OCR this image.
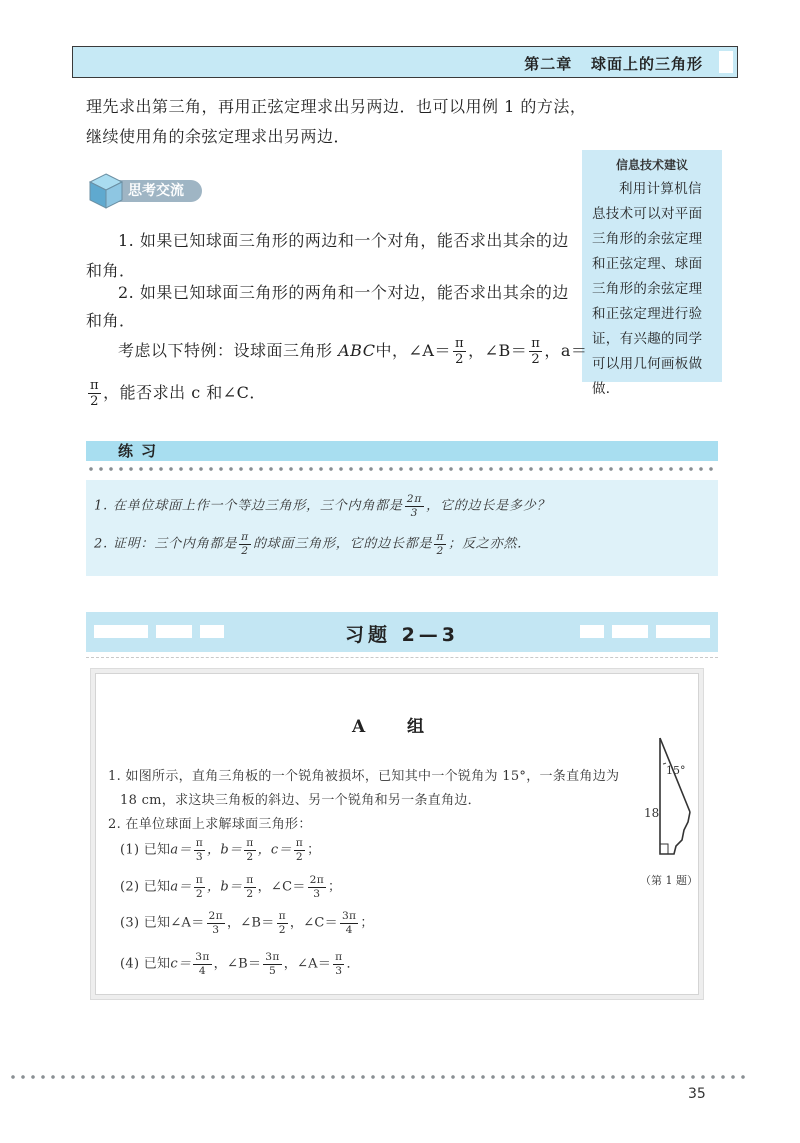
第二章 球面上的三角形
理先求出第三角，再用正弦定理求出另两边．也可以用例 1 的方法，
继续使用角的余弦定理求出另两边．
信息技术建议
利用计算机信息技术可以对平面三角形的余弦定理和正弦定理、球面三角形的余弦定理和正弦定理进行验证，有兴趣的同学可以用几何画板做做．
思考交流
1. 如果已知球面三角形的两边和一个对角，能否求出其余的边
和角．
2. 如果已知球面三角形的两角和一个对边，能否求出其余的边
和角．
考虑以下特例：设球面三角形 ABC中，∠A＝ $\frac{\pi}{2}$ ，∠B＝ $\frac{\pi}{2}$ ，a＝
$\frac{\pi}{2}$ ，能否求出 c 和∠C．
练习
1. 在单位球面上作一个等边三角形，三个内角都是 $\frac{2\pi}{3}$ ，它的边长是多少？
2. 证明：三个内角都是 $\frac{\pi}{2}$ 的球面三角形，它的边长都是 $\frac{\pi}{2}$ ；反之亦然．
习题 2—3
A 组
1. 如图所示，直角三角板的一个锐角被损坏，已知其中一个锐角为 15°，一条直角边为
18 cm，求这块三角板的斜边、另一个锐角和另一条直角边．
2. 在单位球面上求解球面三角形：
(1) 已知$a= \frac{\pi}{3}$ ，$b= \frac{\pi}{2}$ ，$c= \frac{\pi}{2}$ ；
(2) 已知$a= \frac{\pi}{2}$ ，$b= \frac{\pi}{2}$ ，∠C＝ $\frac{2\pi}{3}$ ；
(3) 已知∠A＝ $\frac{2\pi}{3}$ ，∠B＝ $\frac{\pi}{2}$ ，∠C＝ $\frac{3\pi}{4}$ ；
(4) 已知$c= \frac{3\pi}{4}$ ，∠B＝ $\frac{3\pi}{5}$ ，∠A＝ $\frac{\pi}{3}$ ．
15°
18
（第 1 题）
35
